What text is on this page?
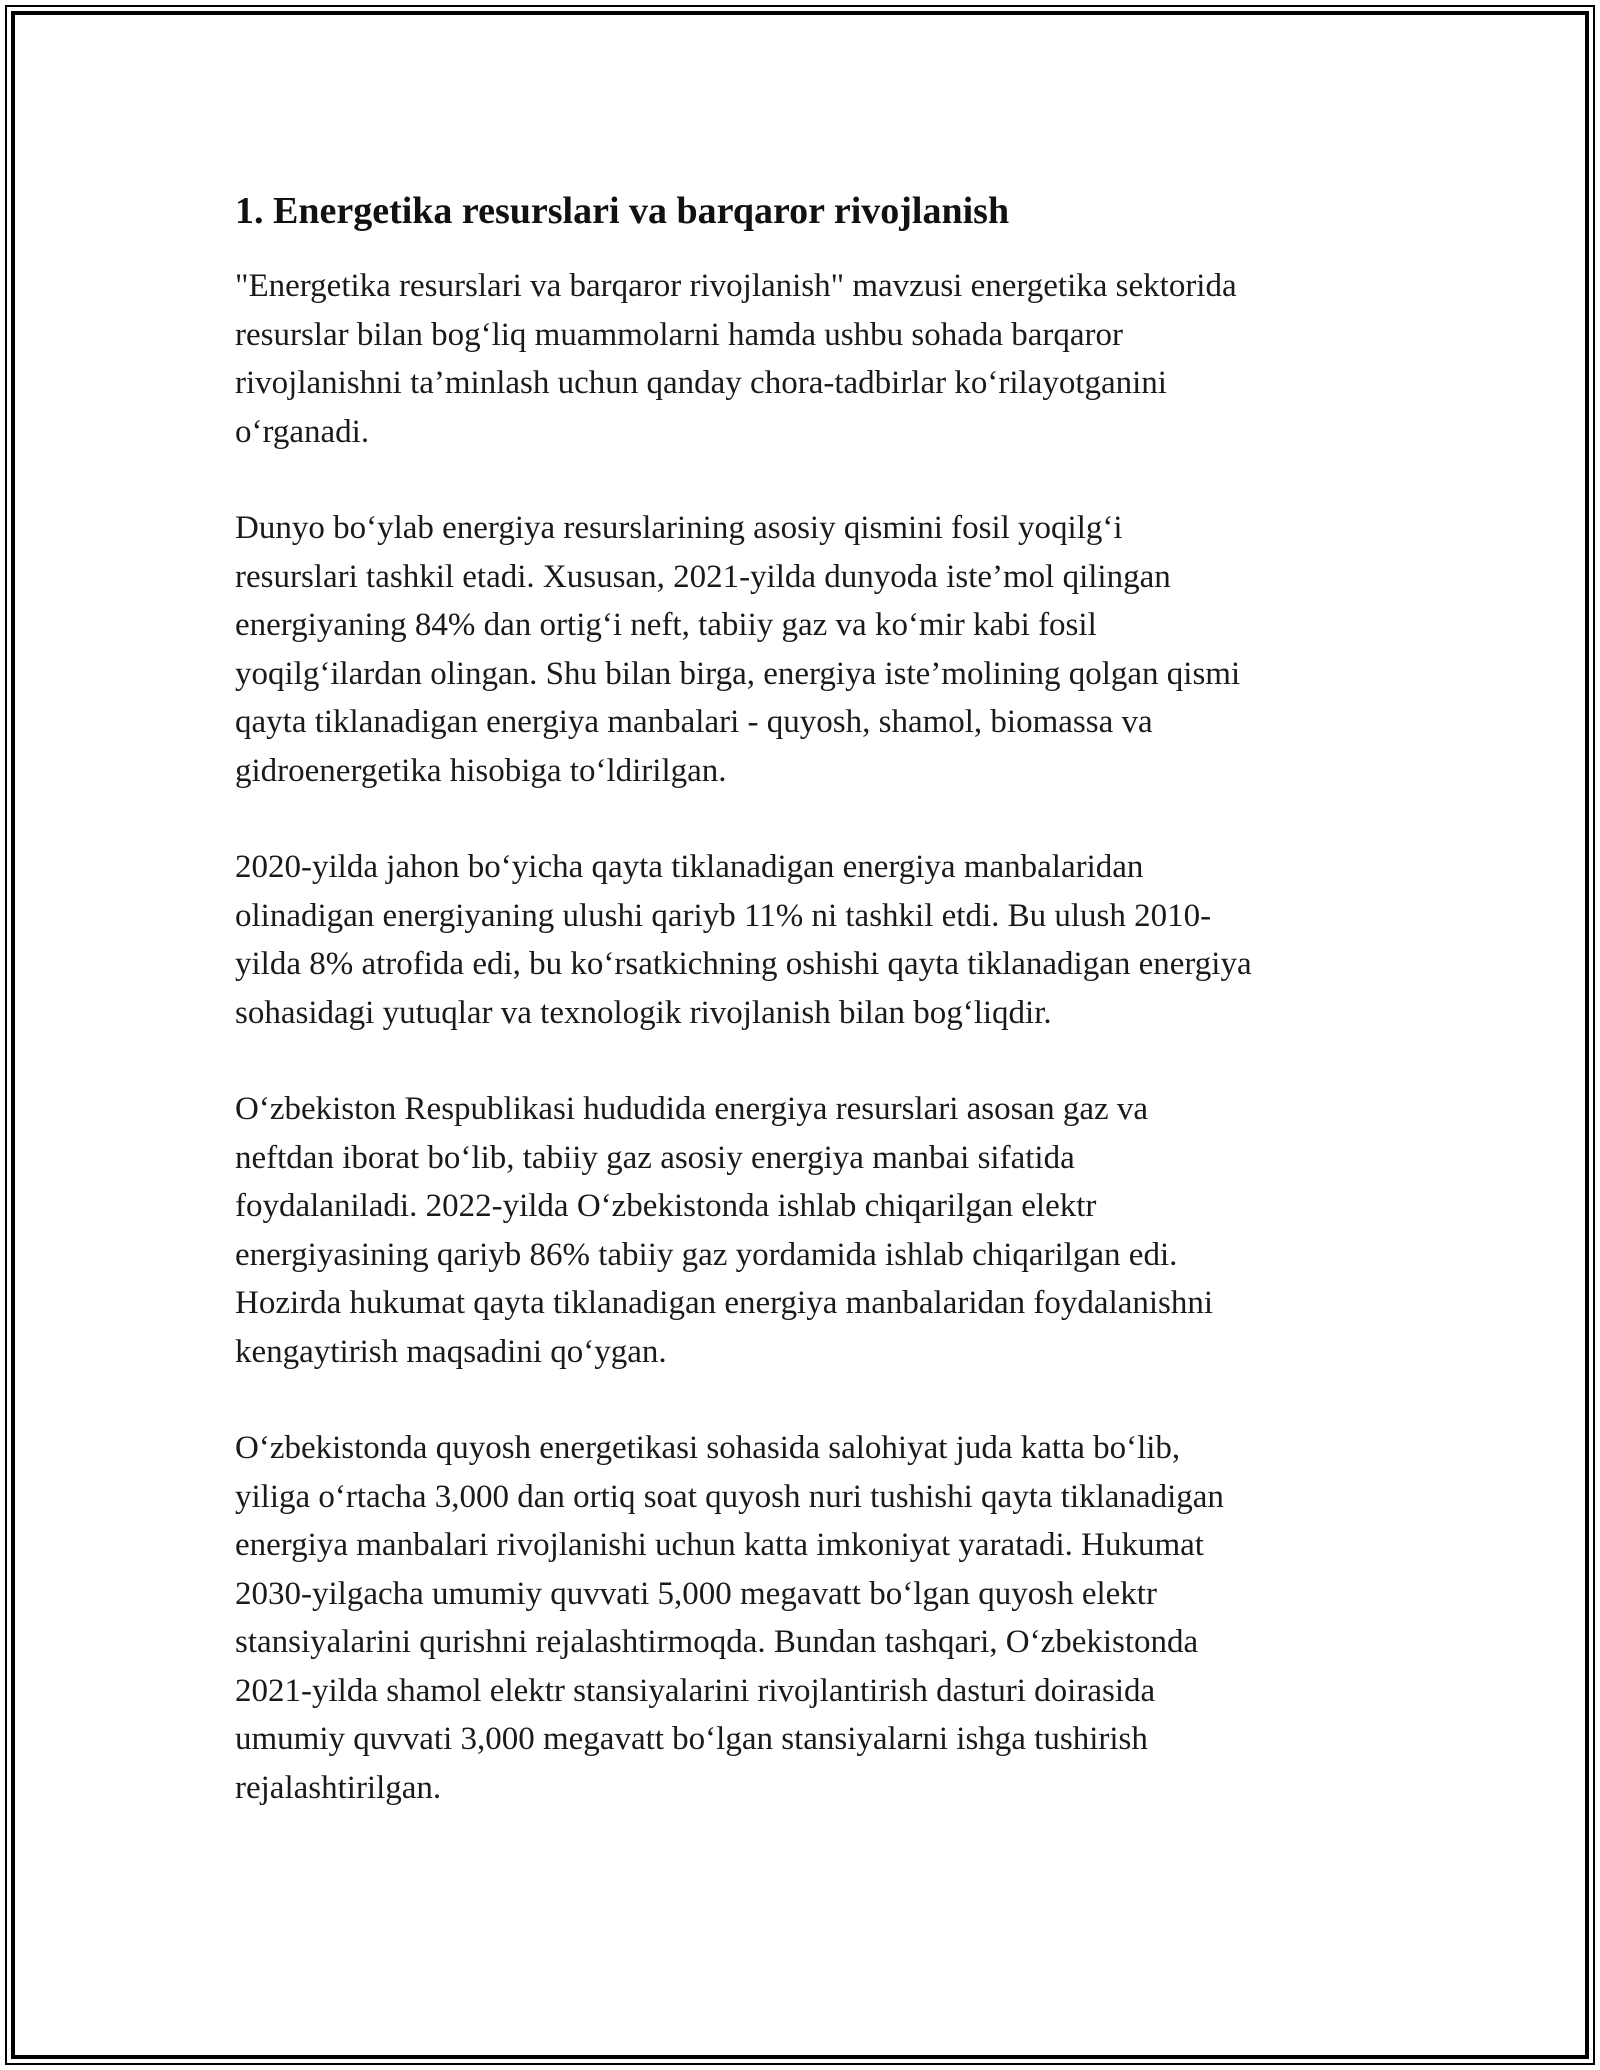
1. Energetika resurslari va barqaror rivojlanish

"Energetika resurslari va barqaror rivojlanish" mavzusi energetika sektorida
resurslar bilan bog‘liq muammolarni hamda ushbu sohada barqaror
rivojlanishni ta’minlash uchun qanday chora-tadbirlar ko‘rilayotganini
o‘rganadi.

Dunyo bo‘ylab energiya resurslarining asosiy qismini fosil yoqilg‘i
resurslari tashkil etadi. Xususan, 2021-yilda dunyoda iste’mol qilingan
energiyaning 84% dan ortig‘i neft, tabiiy gaz va ko‘mir kabi fosil
yoqilg‘ilardan olingan. Shu bilan birga, energiya iste’molining qolgan qismi
qayta tiklanadigan energiya manbalari - quyosh, shamol, biomassa va
gidroenergetika hisobiga to‘ldirilgan.

2020-yilda jahon bo‘yicha qayta tiklanadigan energiya manbalaridan
olinadigan energiyaning ulushi qariyb 11% ni tashkil etdi. Bu ulush 2010-
yilda 8% atrofida edi, bu ko‘rsatkichning oshishi qayta tiklanadigan energiya
sohasidagi yutuqlar va texnologik rivojlanish bilan bog‘liqdir.

O‘zbekiston Respublikasi hududida energiya resurslari asosan gaz va
neftdan iborat bo‘lib, tabiiy gaz asosiy energiya manbai sifatida
foydalaniladi. 2022-yilda O‘zbekistonda ishlab chiqarilgan elektr
energiyasining qariyb 86% tabiiy gaz yordamida ishlab chiqarilgan edi.
Hozirda hukumat qayta tiklanadigan energiya manbalaridan foydalanishni
kengaytirish maqsadini qo‘ygan.

O‘zbekistonda quyosh energetikasi sohasida salohiyat juda katta bo‘lib,
yiliga o‘rtacha 3,000 dan ortiq soat quyosh nuri tushishi qayta tiklanadigan
energiya manbalari rivojlanishi uchun katta imkoniyat yaratadi. Hukumat
2030-yilgacha umumiy quvvati 5,000 megavatt bo‘lgan quyosh elektr
stansiyalarini qurishni rejalashtirmoqda. Bundan tashqari, O‘zbekistonda
2021-yilda shamol elektr stansiyalarini rivojlantirish dasturi doirasida
umumiy quvvati 3,000 megavatt bo‘lgan stansiyalarni ishga tushirish
rejalashtirilgan.
